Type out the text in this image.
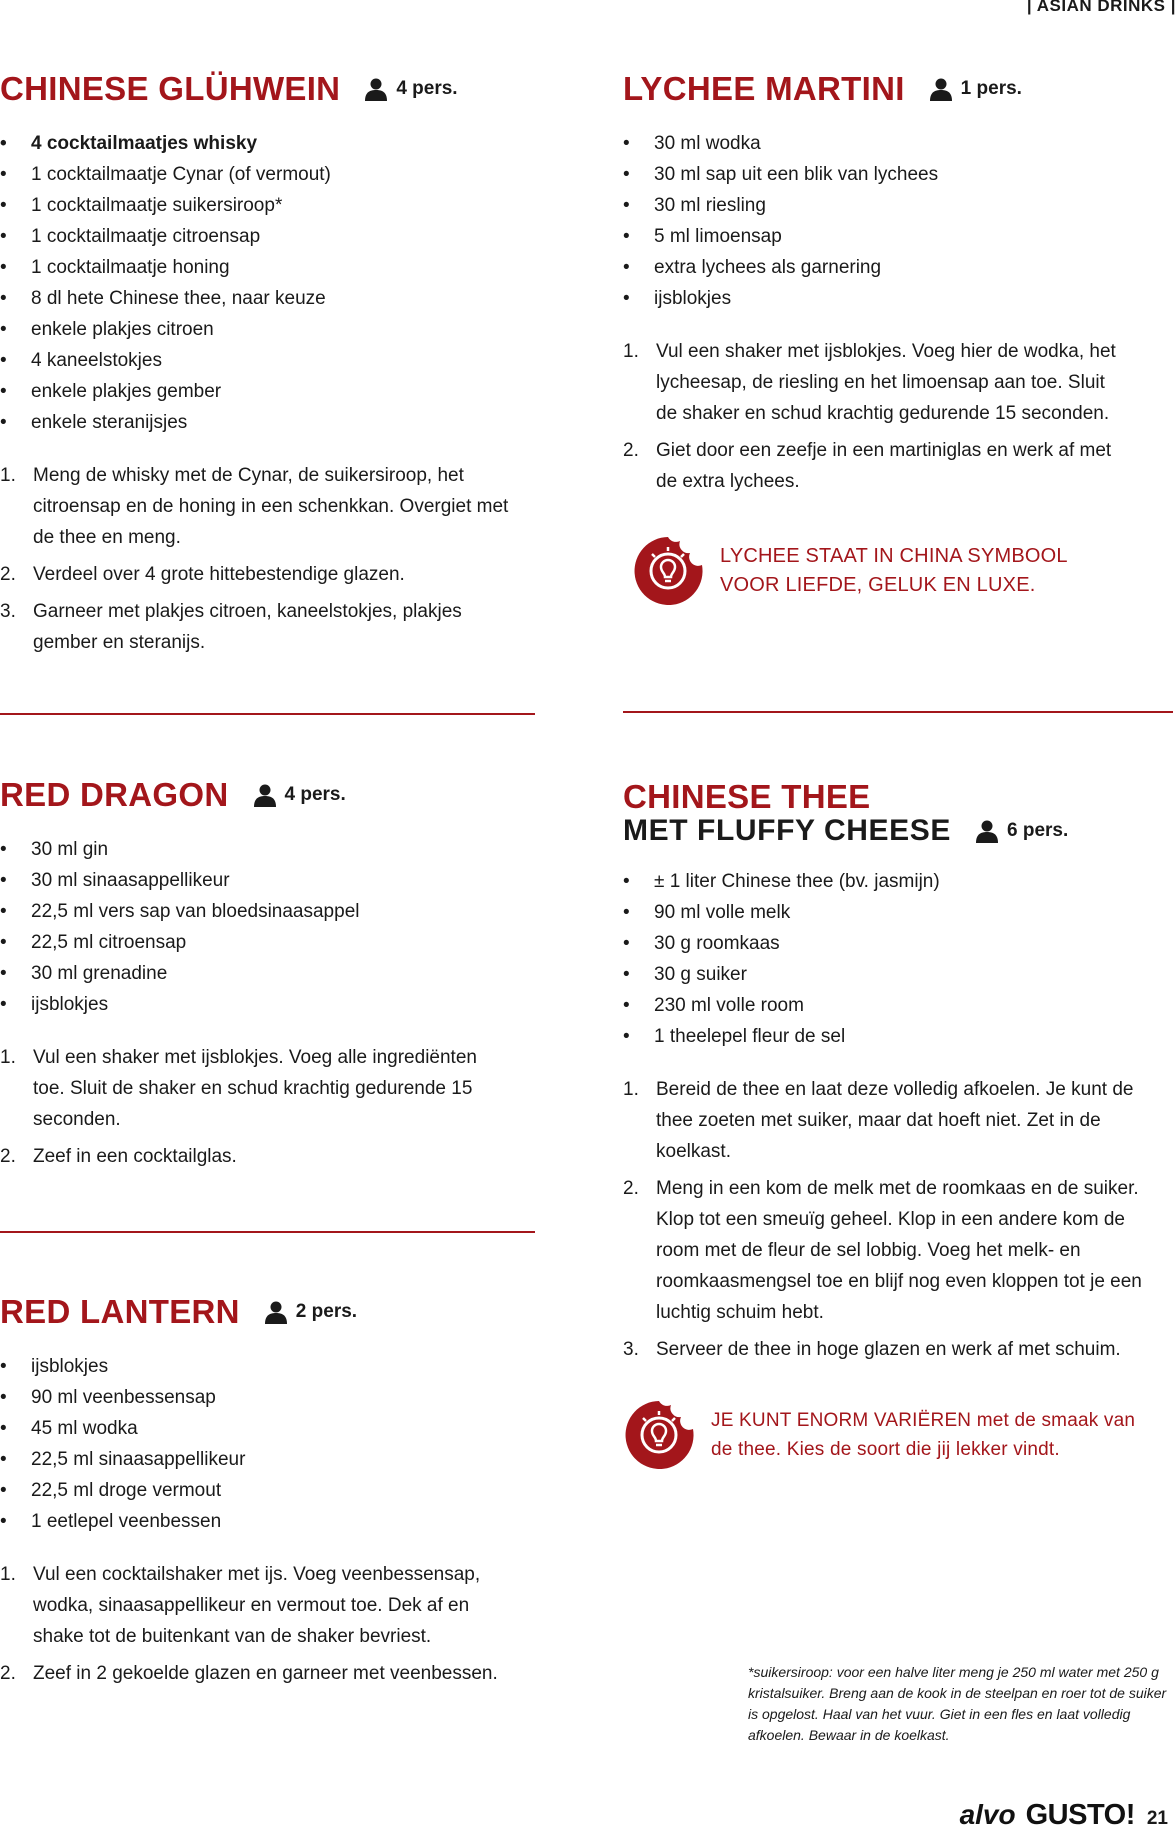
| ASIAN DRINKS |
CHINESE GLÜHWEIN	4 pers.
• 4 cocktailmaatjes whisky
• 1 cocktailmaatje Cynar (of vermout)
• 1 cocktailmaatje suikersiroop*
• 1 cocktailmaatje citroensap
• 1 cocktailmaatje honing
• 8 dl hete Chinese thee, naar keuze
• enkele plakjes citroen
• 4 kaneelstokjes
• enkele plakjes gember
• enkele steranijsjes
1. Meng de whisky met de Cynar, de suikersiroop, het citroensap en de honing in een schenkkan. Overgiet met de thee en meng.
2. Verdeel over 4 grote hittebestendige glazen.
3. Garneer met plakjes citroen, kaneelstokjes, plakjes gember en steranijs.
LYCHEE MARTINI	1 pers.
• 30 ml wodka
• 30 ml sap uit een blik van lychees
• 30 ml riesling
• 5 ml limoensap
• extra lychees als garnering
• ijsblokjes
1. Vul een shaker met ijsblokjes. Voeg hier de wodka, het lycheesap, de riesling en het limoensap aan toe. Sluit de shaker en schud krachtig gedurende 15 seconden.
2. Giet door een zeefje in een martiniglas en werk af met de extra lychees.
LYCHEE STAAT IN CHINA SYMBOOL VOOR LIEFDE, GELUK EN LUXE.
RED DRAGON	4 pers.
• 30 ml gin
• 30 ml sinaasappellikeur
• 22,5 ml vers sap van bloedsinaasappel
• 22,5 ml citroensap
• 30 ml grenadine
• ijsblokjes
1. Vul een shaker met ijsblokjes. Voeg alle ingrediënten toe. Sluit de shaker en schud krachtig gedurende 15 seconden.
2. Zeef in een cocktailglas.
RED LANTERN	2 pers.
• ijsblokjes
• 90 ml veenbessensap
• 45 ml wodka
• 22,5 ml sinaasappellikeur
• 22,5 ml droge vermout
• 1 eetlepel veenbessen
1. Vul een cocktailshaker met ijs. Voeg veenbessensap, wodka, sinaasappellikeur en vermout toe. Dek af en shake tot de buitenkant van de shaker bevriest.
2. Zeef in 2 gekoelde glazen en garneer met veenbessen.
CHINESE THEE
MET FLUFFY CHEESE	6 pers.
• ± 1 liter Chinese thee (bv. jasmijn)
• 90 ml volle melk
• 30 g roomkaas
• 30 g suiker
• 230 ml volle room
• 1 theelepel fleur de sel
1. Bereid de thee en laat deze volledig afkoelen. Je kunt de thee zoeten met suiker, maar dat hoeft niet. Zet in de koelkast.
2. Meng in een kom de melk met de roomkaas en de suiker. Klop tot een smeuïg geheel. Klop in een andere kom de room met de fleur de sel lobbig. Voeg het melk- en roomkaasmengsel toe en blijf nog even kloppen tot je een luchtig schuim hebt.
3. Serveer de thee in hoge glazen en werk af met schuim.
JE KUNT ENORM VARIËREN met de smaak van de thee. Kies de soort die jij lekker vindt.
*suikersiroop: voor een halve liter meng je 250 ml water met 250 g kristalsuiker. Breng aan de kook in de steelpan en roer tot de suiker is opgelost. Haal van het vuur. Giet in een fles en laat volledig afkoelen. Bewaar in de koelkast.
alvo GUSTO! 21
